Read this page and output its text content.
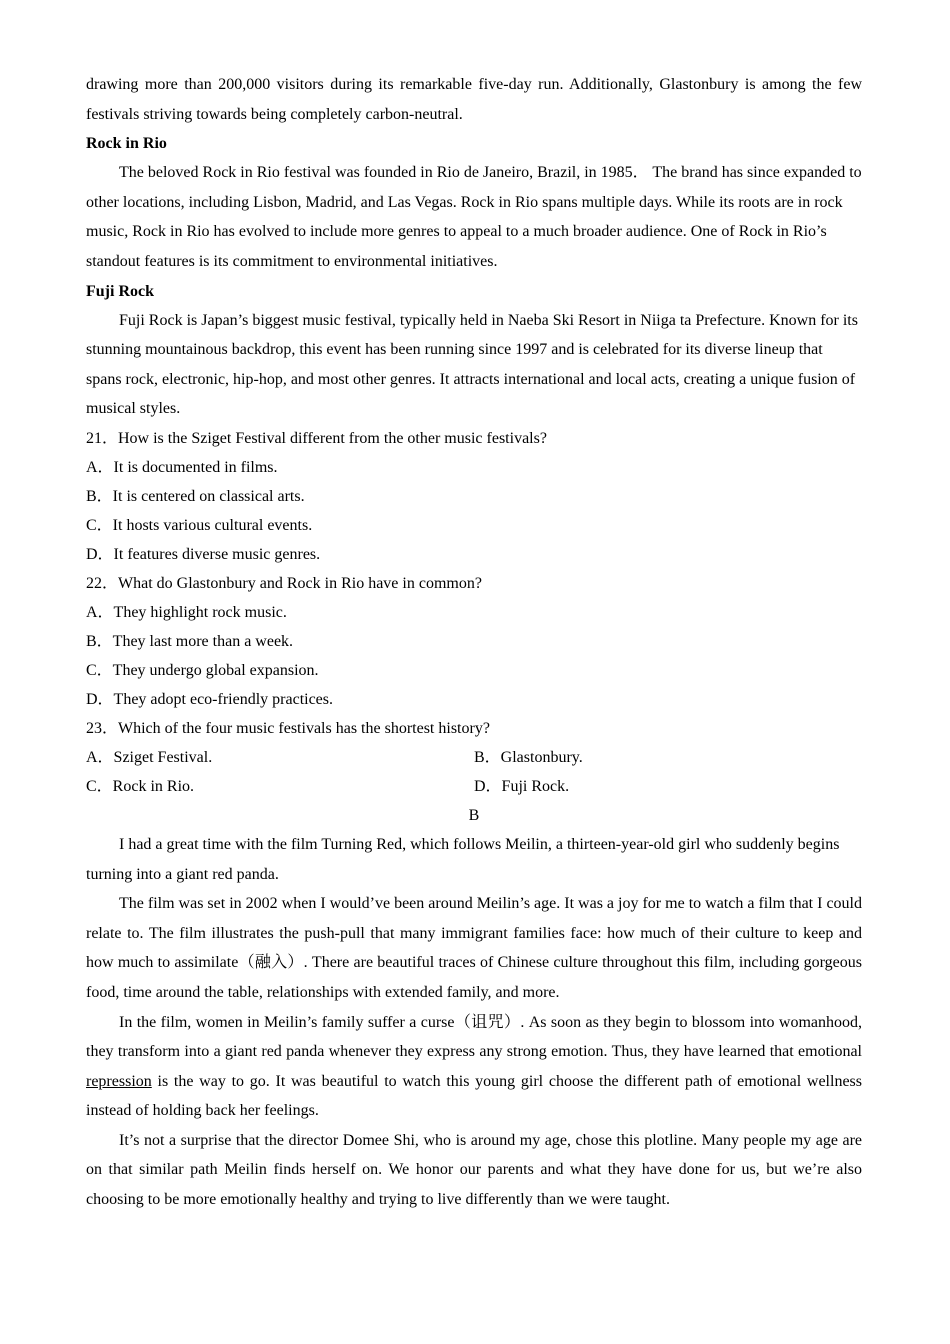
drawing more than 200,000 visitors during its remarkable five-day run. Additionally, Glastonbury is among the few festivals striving towards being completely carbon-neutral.

Rock in Rio

The beloved Rock in Rio festival was founded in Rio de Janeiro, Brazil, in 1985． The brand has since expanded to other locations, including Lisbon, Madrid, and Las Vegas. Rock in Rio spans multiple days. While its roots are in rock music, Rock in Rio has evolved to include more genres to appeal to a much broader audience. One of Rock in Rio’s standout features is its commitment to environmental initiatives.

Fuji Rock

Fuji Rock is Japan’s biggest music festival, typically held in Naeba Ski Resort in Niiga ta Prefecture. Known for its stunning mountainous backdrop, this event has been running since 1997 and is celebrated for its diverse lineup that spans rock, electronic, hip-hop, and most other genres. It attracts international and local acts, creating a unique fusion of musical styles.

21．How is the Sziget Festival different from the other music festivals?
A．It is documented in films.
B．It is centered on classical arts.
C．It hosts various cultural events.
D．It features diverse music genres.
22．What do Glastonbury and Rock in Rio have in common?
A．They highlight rock music.
B．They last more than a week.
C．They undergo global expansion.
D．They adopt eco-friendly practices.
23．Which of the four music festivals has the shortest history?
A．Sziget Festival.	B．Glastonbury.
C．Rock in Rio.	D．Fuji Rock.
B

I had a great time with the film Turning Red, which follows Meilin, a thirteen-year-old girl who suddenly begins turning into a giant red panda.

The film was set in 2002 when I would’ve been around Meilin’s age. It was a joy for me to watch a film that I could relate to. The film illustrates the push-pull that many immigrant families face: how much of their culture to keep and how much to assimilate（融入）. There are beautiful traces of Chinese culture throughout this film, including gorgeous food, time around the table, relationships with extended family, and more.

In the film, women in Meilin’s family suffer a curse（诅咒）. As soon as they begin to blossom into womanhood, they transform into a giant red panda whenever they express any strong emotion. Thus, they have learned that emotional repression is the way to go. It was beautiful to watch this young girl choose the different path of emotional wellness instead of holding back her feelings.

It’s not a surprise that the director Domee Shi, who is around my age, chose this plotline. Many people my age are on that similar path Meilin finds herself on. We honor our parents and what they have done for us, but we’re also choosing to be more emotionally healthy and trying to live differently than we were taught.
